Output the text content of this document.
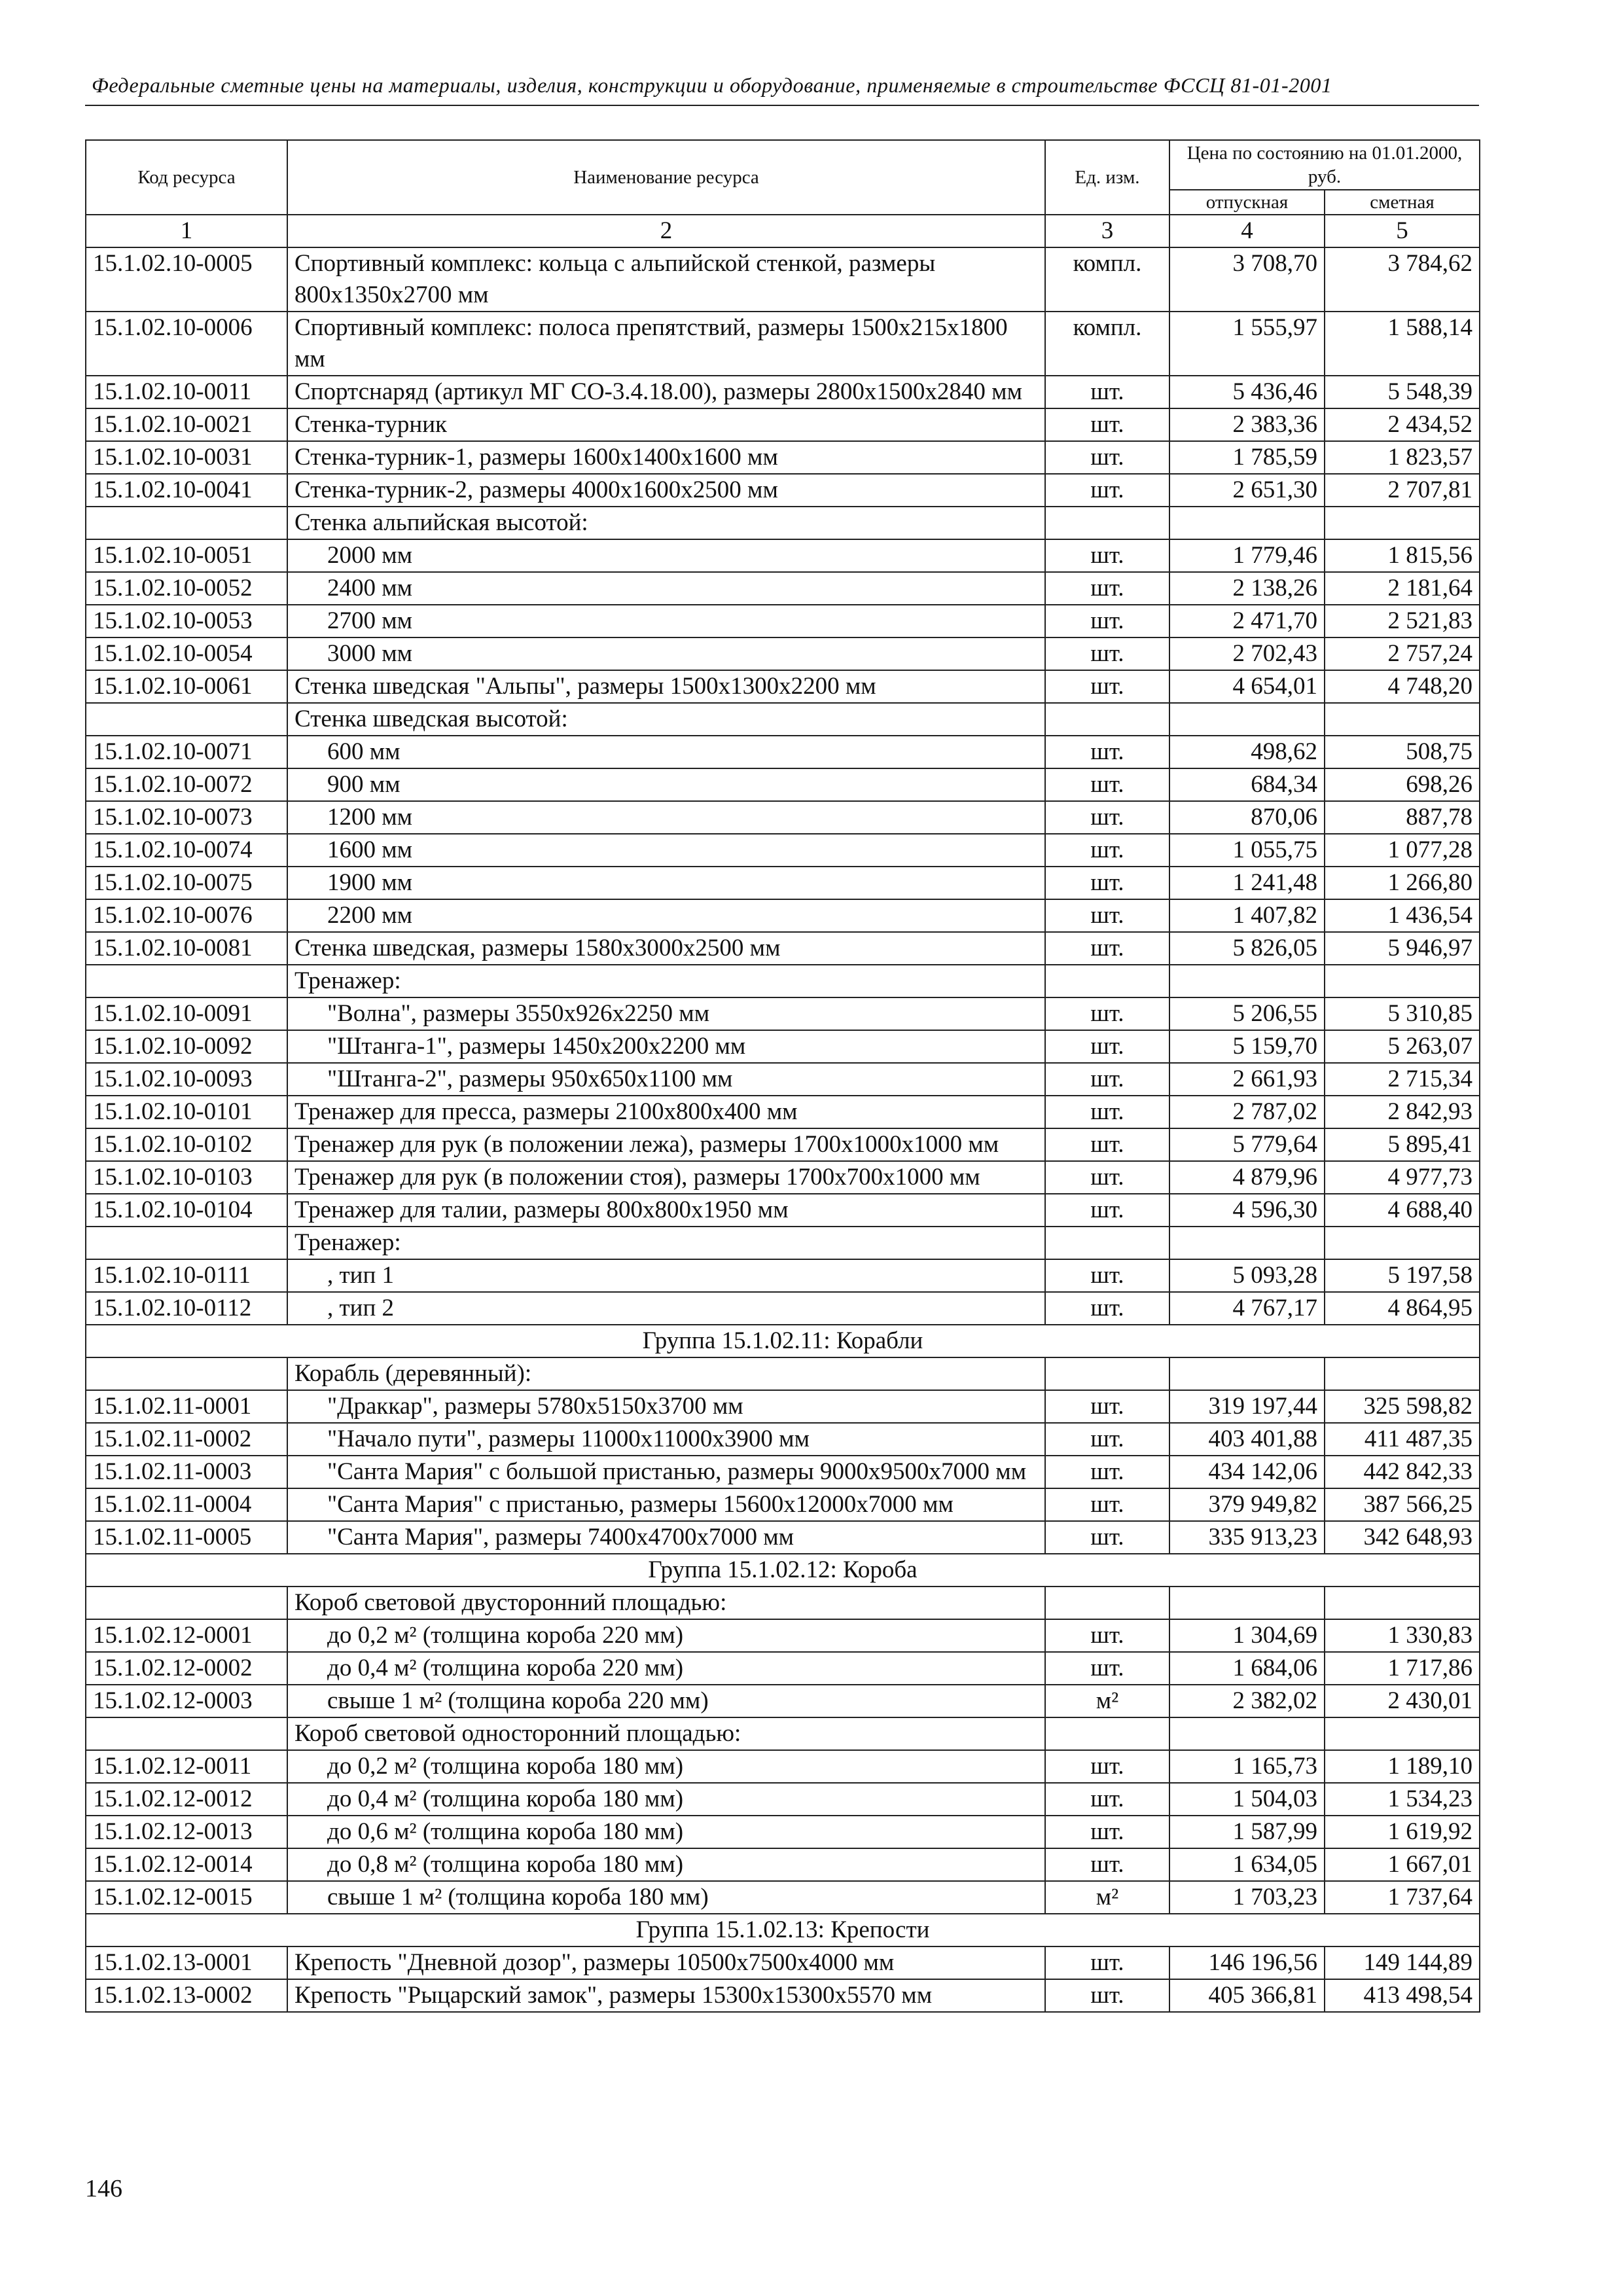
Федеральные сметные цены на материалы, изделия, конструкции и оборудование, применяемые в строительстве ФССЦ 81-01-2001
Код ресурса	Наименование ресурса	Ед. изм.	Цена по состоянию на 01.01.2000, руб.	
			отпускная	сметная
1	2	3	4	5
15.1.02.10-0005	Спортивный комплекс: кольца с альпийской стенкой, размеры 800х1350х2700 мм	компл.	3 708,70	3 784,62
15.1.02.10-0006	Спортивный комплекс: полоса препятствий, размеры 1500х215х1800 мм	компл.	1 555,97	1 588,14
15.1.02.10-0011	Спортснаряд (артикул МГ СО-3.4.18.00), размеры 2800х1500х2840 мм	шт.	5 436,46	5 548,39
15.1.02.10-0021	Стенка-турник	шт.	2 383,36	2 434,52
15.1.02.10-0031	Стенка-турник-1, размеры 1600х1400х1600 мм	шт.	1 785,59	1 823,57
15.1.02.10-0041	Стенка-турник-2, размеры 4000х1600х2500 мм	шт.	2 651,30	2 707,81
	Стенка альпийская высотой:			
15.1.02.10-0051	2000 мм	шт.	1 779,46	1 815,56
15.1.02.10-0052	2400 мм	шт.	2 138,26	2 181,64
15.1.02.10-0053	2700 мм	шт.	2 471,70	2 521,83
15.1.02.10-0054	3000 мм	шт.	2 702,43	2 757,24
15.1.02.10-0061	Стенка шведская "Альпы", размеры 1500х1300х2200 мм	шт.	4 654,01	4 748,20
	Стенка шведская высотой:			
15.1.02.10-0071	600 мм	шт.	498,62	508,75
15.1.02.10-0072	900 мм	шт.	684,34	698,26
15.1.02.10-0073	1200 мм	шт.	870,06	887,78
15.1.02.10-0074	1600 мм	шт.	1 055,75	1 077,28
15.1.02.10-0075	1900 мм	шт.	1 241,48	1 266,80
15.1.02.10-0076	2200 мм	шт.	1 407,82	1 436,54
15.1.02.10-0081	Стенка шведская, размеры 1580х3000х2500 мм	шт.	5 826,05	5 946,97
	Тренажер:			
15.1.02.10-0091	"Волна", размеры 3550х926х2250 мм	шт.	5 206,55	5 310,85
15.1.02.10-0092	"Штанга-1", размеры 1450х200х2200 мм	шт.	5 159,70	5 263,07
15.1.02.10-0093	"Штанга-2", размеры 950х650х1100 мм	шт.	2 661,93	2 715,34
15.1.02.10-0101	Тренажер для пресса, размеры 2100х800х400 мм	шт.	2 787,02	2 842,93
15.1.02.10-0102	Тренажер для рук (в положении лежа), размеры 1700х1000х1000 мм	шт.	5 779,64	5 895,41
15.1.02.10-0103	Тренажер для рук (в положении стоя), размеры 1700х700х1000 мм	шт.	4 879,96	4 977,73
15.1.02.10-0104	Тренажер для талии, размеры 800х800х1950 мм	шт.	4 596,30	4 688,40
	Тренажер:			
15.1.02.10-0111	, тип 1	шт.	5 093,28	5 197,58
15.1.02.10-0112	, тип 2	шт.	4 767,17	4 864,95
Группа 15.1.02.11: Корабли				
	Корабль (деревянный):			
15.1.02.11-0001	"Драккар", размеры 5780х5150х3700 мм	шт.	319 197,44	325 598,82
15.1.02.11-0002	"Начало пути", размеры 11000х11000х3900 мм	шт.	403 401,88	411 487,35
15.1.02.11-0003	"Санта Мария" с большой пристанью, размеры 9000х9500х7000 мм	шт.	434 142,06	442 842,33
15.1.02.11-0004	"Санта Мария" с пристанью, размеры 15600х12000х7000 мм	шт.	379 949,82	387 566,25
15.1.02.11-0005	"Санта Мария", размеры 7400х4700х7000 мм	шт.	335 913,23	342 648,93
Группа 15.1.02.12: Короба				
	Короб световой двусторонний площадью:			
15.1.02.12-0001	до 0,2 м² (толщина короба 220 мм)	шт.	1 304,69	1 330,83
15.1.02.12-0002	до 0,4 м² (толщина короба 220 мм)	шт.	1 684,06	1 717,86
15.1.02.12-0003	свыше 1 м² (толщина короба 220 мм)	м²	2 382,02	2 430,01
	Короб световой односторонний площадью:			
15.1.02.12-0011	до 0,2 м² (толщина короба 180 мм)	шт.	1 165,73	1 189,10
15.1.02.12-0012	до 0,4 м² (толщина короба 180 мм)	шт.	1 504,03	1 534,23
15.1.02.12-0013	до 0,6 м² (толщина короба 180 мм)	шт.	1 587,99	1 619,92
15.1.02.12-0014	до 0,8 м² (толщина короба 180 мм)	шт.	1 634,05	1 667,01
15.1.02.12-0015	свыше 1 м² (толщина короба 180 мм)	м²	1 703,23	1 737,64
Группа 15.1.02.13: Крепости				
15.1.02.13-0001	Крепость "Дневной дозор", размеры 10500х7500х4000 мм	шт.	146 196,56	149 144,89
15.1.02.13-0002	Крепость "Рыцарский замок", размеры 15300х15300х5570 мм	шт.	405 366,81	413 498,54
146
